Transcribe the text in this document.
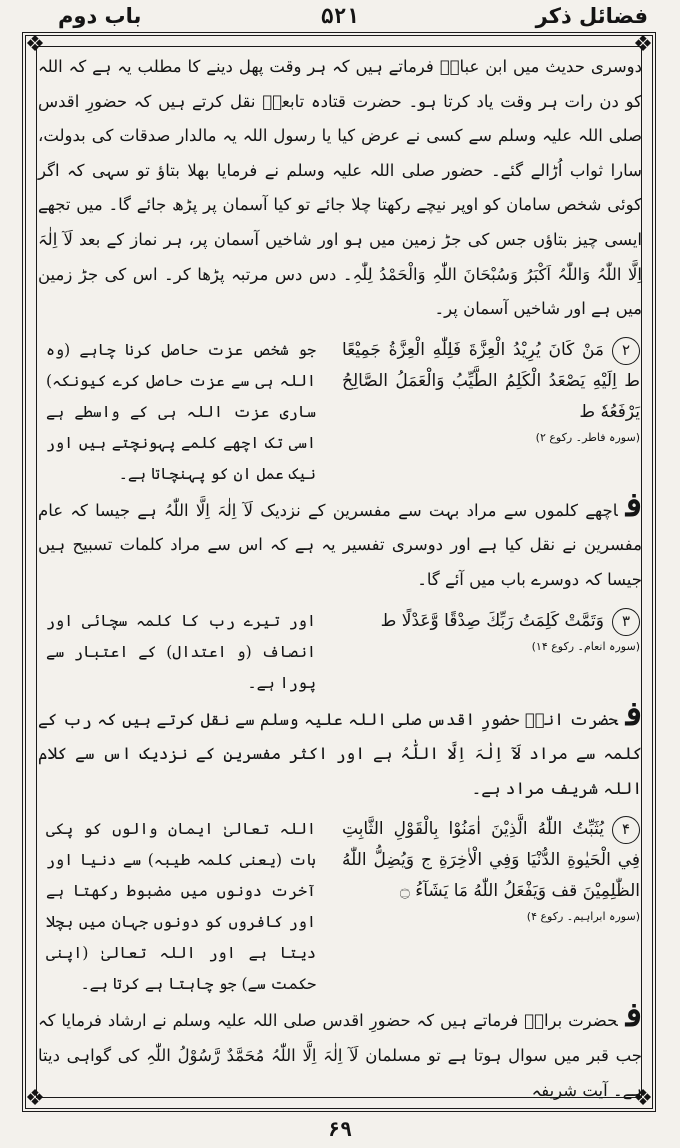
باب دوم	۵۲۱	فضائل ذکر
❖	❖
❖	❖

دوسری حدیث میں ابن عباسؓ فرماتے ہیں کہ ہر وقت پھل دینے کا مطلب یہ ہے کہ اللہ کو دن رات ہر وقت یاد کرتا ہو۔ حضرت قتادہ تابعیؒ نقل کرتے ہیں کہ حضورِ اقدس صلی اللہ علیہ وسلم سے کسی نے عرض کیا یا رسول اللہ یہ مالدار صدقات کی بدولت، سارا ثواب اُڑالے گئے۔ حضور صلی اللہ علیہ وسلم نے فرمایا بھلا بتاؤ تو سہی کہ اگر کوئی شخص سامان کو اوپر نیچے رکھتا چلا جائے تو کیا آسمان پر پڑھ جائے گا۔ میں تجھے ایسی چیز بتاؤں جس کی جڑ زمین میں ہو اور شاخیں آسمان پر، ہر نماز کے بعد لَآ اِلٰہَ اِلَّا اللّٰہُ وَاللّٰہُ اَکْبَرُ وَسُبْحَانَ اللّٰہِ وَالْحَمْدُ لِلّٰہِ۔ دس دس مرتبہ پڑھا کر۔ اس کی جڑ زمین میں ہے اور شاخیں آسمان پر۔

۲مَنْ كَانَ يُرِيْدُ الْعِزَّةَ فَلِلّٰهِ الْعِزَّةُ جَمِيْعًا ط اِلَيْهِ يَصْعَدُ الْكَلِمُ الطَّيِّبُ وَالْعَمَلُ الصَّالِحُ يَرْفَعُهٗ ط
(سورہ فاطر۔ رکوع ۲)
جو شخص عزت حاصل کرنا چاہے (وہ اللہ ہی سے عزت حاصل کرے کیونکہ) ساری عزت اللہ ہی کے واسطے ہے اسی تک اچھے کلمے پہونچتے ہیں اور نیک عمل ان کو پہنچاتا ہے۔

فاچھے کلموں سے مراد بہت سے مفسرین کے نزدیک لَآ اِلٰہَ اِلَّا اللّٰہُ ہے جیسا کہ عام مفسرین نے نقل کیا ہے اور دوسری تفسیر یہ ہے کہ اس سے مراد کلمات تسبیح ہیں جیسا کہ دوسرے باب میں آئے گا۔

۳وَتَمَّتْ كَلِمَتُ رَبِّكَ صِدْقًا وَّعَدْلًا ط
(سورہ انعام۔ رکوع ۱۴)
اور تیرے رب کا کلمہ سچائی اور انصاف (و اعتدال) کے اعتبار سے پورا ہے۔

فحضرت انسؓ حضورِ اقدس صلی اللہ علیہ وسلم سے نقل کرتے ہیں کہ رب کے کلمہ سے مراد لَآ اِلٰہَ اِلَّا اللّٰہُ ہے اور اکثر مفسرین کے نزدیک اس سے کلام اللہ شریف مراد ہے۔

۴يُثَبِّتُ اللّٰهُ الَّذِيْنَ اٰمَنُوْا بِالْقَوْلِ الثَّابِتِ فِي الْحَيٰوةِ الدُّنْيَا وَفِي الْاٰخِرَةِ ج وَيُضِلُّ اللّٰهُ الظّٰلِمِيْنَ قف وَيَفْعَلُ اللّٰهُ مَا يَشَآءُ ۝
(سورہ ابراہیم۔ رکوع ۴)
اللہ تعالیٰ ایمان والوں کو پکی بات (یعنی کلمہ طیبہ) سے دنیا اور آخرت دونوں میں مضبوط رکھتا ہے اور کافروں کو دونوں جہان میں بچلا دیتا ہے اور اللہ تعالیٰ (اپنی حکمت سے) جو چاہتا ہے کرتا ہے۔

فحضرت براءؓ فرماتے ہیں کہ حضورِ اقدس صلی اللہ علیہ وسلم نے ارشاد فرمایا کہ جب قبر میں سوال ہوتا ہے تو مسلمان لَآ اِلٰہَ اِلَّا اللّٰہُ مُحَمَّدٌ رَّسُوْلُ اللّٰہِ کی گواہی دیتا ہے۔ آیت شریفہ

۶۹
